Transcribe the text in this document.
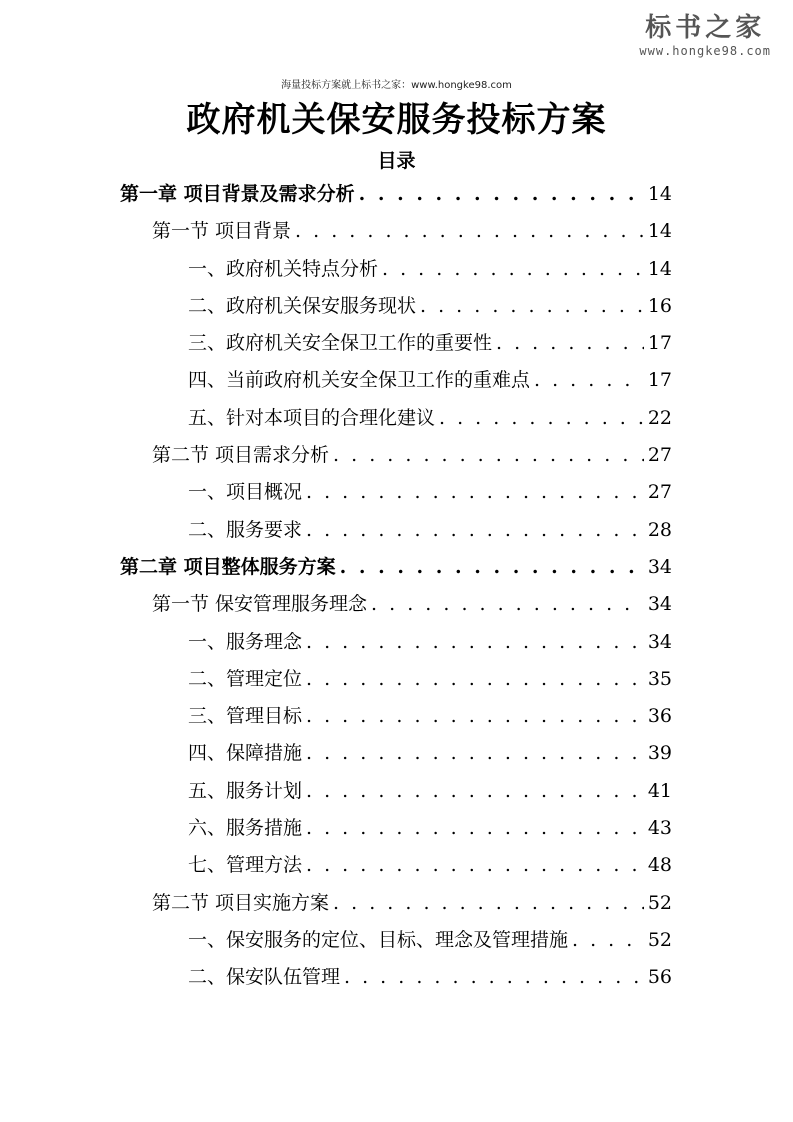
标书之家
www.hongke98.com
海量投标方案就上标书之家：www.hongke98.com
政府机关保安服务投标方案
目录
第一章 项目背景及需求分析 . . .	14
第一节 项目背景 . . .	14
一、政府机关特点分析 . . .	14
二、政府机关保安服务现状 . . .	16
三、政府机关安全保卫工作的重要性 . . .	17
四、当前政府机关安全保卫工作的重难点 . . .	17
五、针对本项目的合理化建议 . . .	22
第二节 项目需求分析 . . .	27
一、项目概况 . . .	27
二、服务要求 . . .	28
第二章 项目整体服务方案 . . .	34
第一节 保安管理服务理念 . . .	34
一、服务理念 . . .	34
二、管理定位 . . .	35
三、管理目标 . . .	36
四、保障措施 . . .	39
五、服务计划 . . .	41
六、服务措施 . . .	43
七、管理方法 . . .	48
第二节 项目实施方案 . . .	52
一、保安服务的定位、目标、理念及管理措施 . . .	52
二、保安队伍管理 . . .	56
